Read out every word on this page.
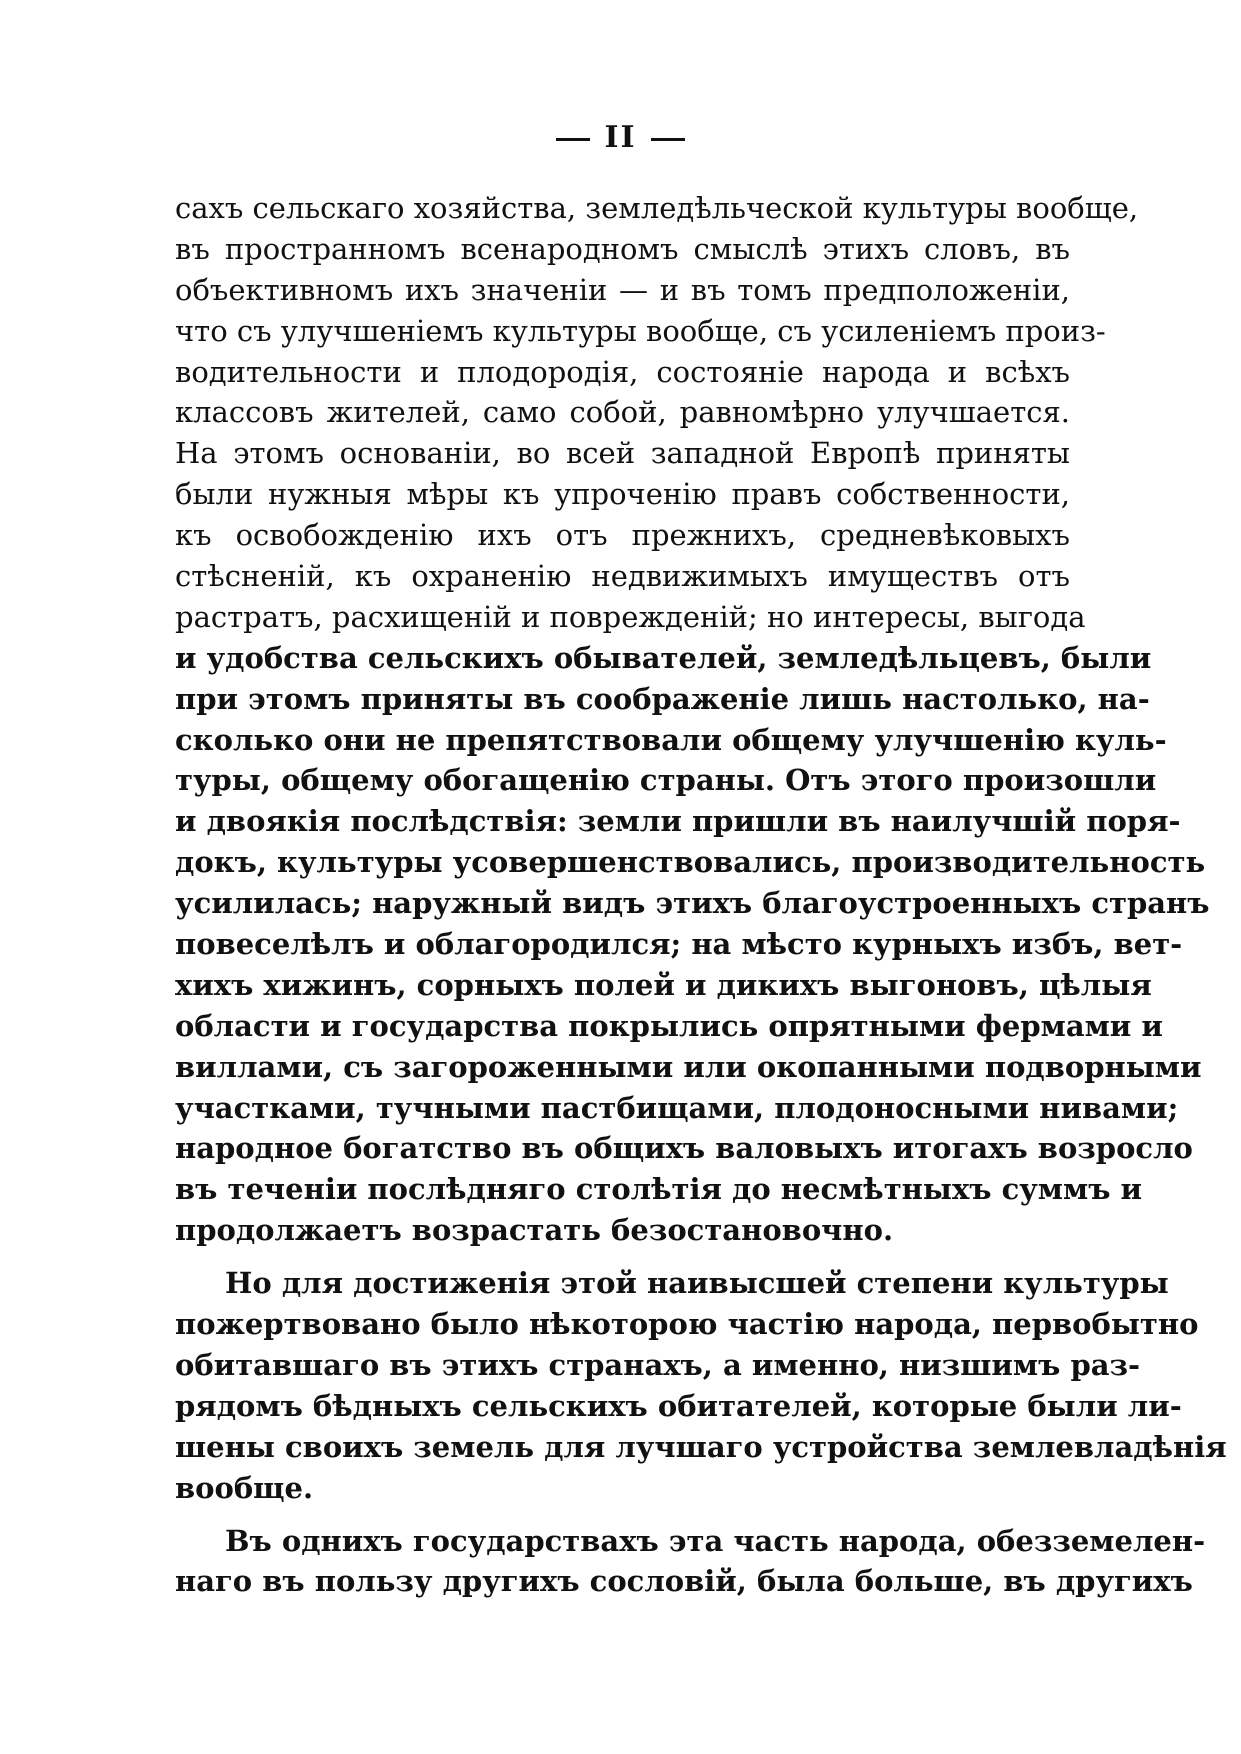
II
сахъ сельскаго хозяйства, земледѣльческой культуры вообще,
въ пространномъ всенародномъ смыслѣ этихъ словъ, въ
объективномъ ихъ значенiи — и въ томъ предположенiи,
что съ улучшенiемъ культуры вообще, съ усиленiемъ произ-
водительности и плодородiя, состоянiе народа и всѣхъ
классовъ жителей, само собой, равномѣрно улучшается.
На этомъ основанiи, во всей западной Европѣ приняты
были нужныя мѣры къ упроченiю правъ собственности,
къ освобожденiю ихъ отъ прежнихъ, средневѣковыхъ
стѣсненiй, къ охраненiю недвижимыхъ имуществъ отъ
растратъ, расхищенiй и поврежденiй; но интересы, выгода
и удобства сельскихъ обывателей, земледѣльцевъ, были
при этомъ приняты въ соображенiе лишь настолько, на-
сколько они не препятствовали общему улучшенiю куль-
туры, общему обогащенiю страны. Отъ этого произошли
и двоякiя послѣдствiя: земли пришли въ наилучшiй поря-
докъ, культуры усовершенствовались, производительность
усилилась; наружный видъ этихъ благоустроенныхъ странъ
повеселѣлъ и облагородился; на мѣсто курныхъ избъ, вет-
хихъ хижинъ, сорныхъ полей и дикихъ выгоновъ, цѣлыя
области и государства покрылись опрятными фермами и
виллами, съ загороженными или окопанными подворными
участками, тучными пастбищами, плодоносными нивами;
народное богатство въ общихъ валовыхъ итогахъ возросло
въ теченiи послѣдняго столѣтiя до несмѣтныхъ суммъ и
продолжаетъ возрастать безостановочно.
Но для достиженiя этой наивысшей степени культуры
пожертвовано было нѣкоторою частiю народа, первобытно
обитавшаго въ этихъ странахъ, а именно, низшимъ раз-
рядомъ бѣдныхъ сельскихъ обитателей, которые были ли-
шены своихъ земель для лучшаго устройства землевладѣнiя
вообще.
Въ однихъ государствахъ эта часть народа, обезземелен-
наго въ пользу другихъ сословiй, была больше, въ другихъ
